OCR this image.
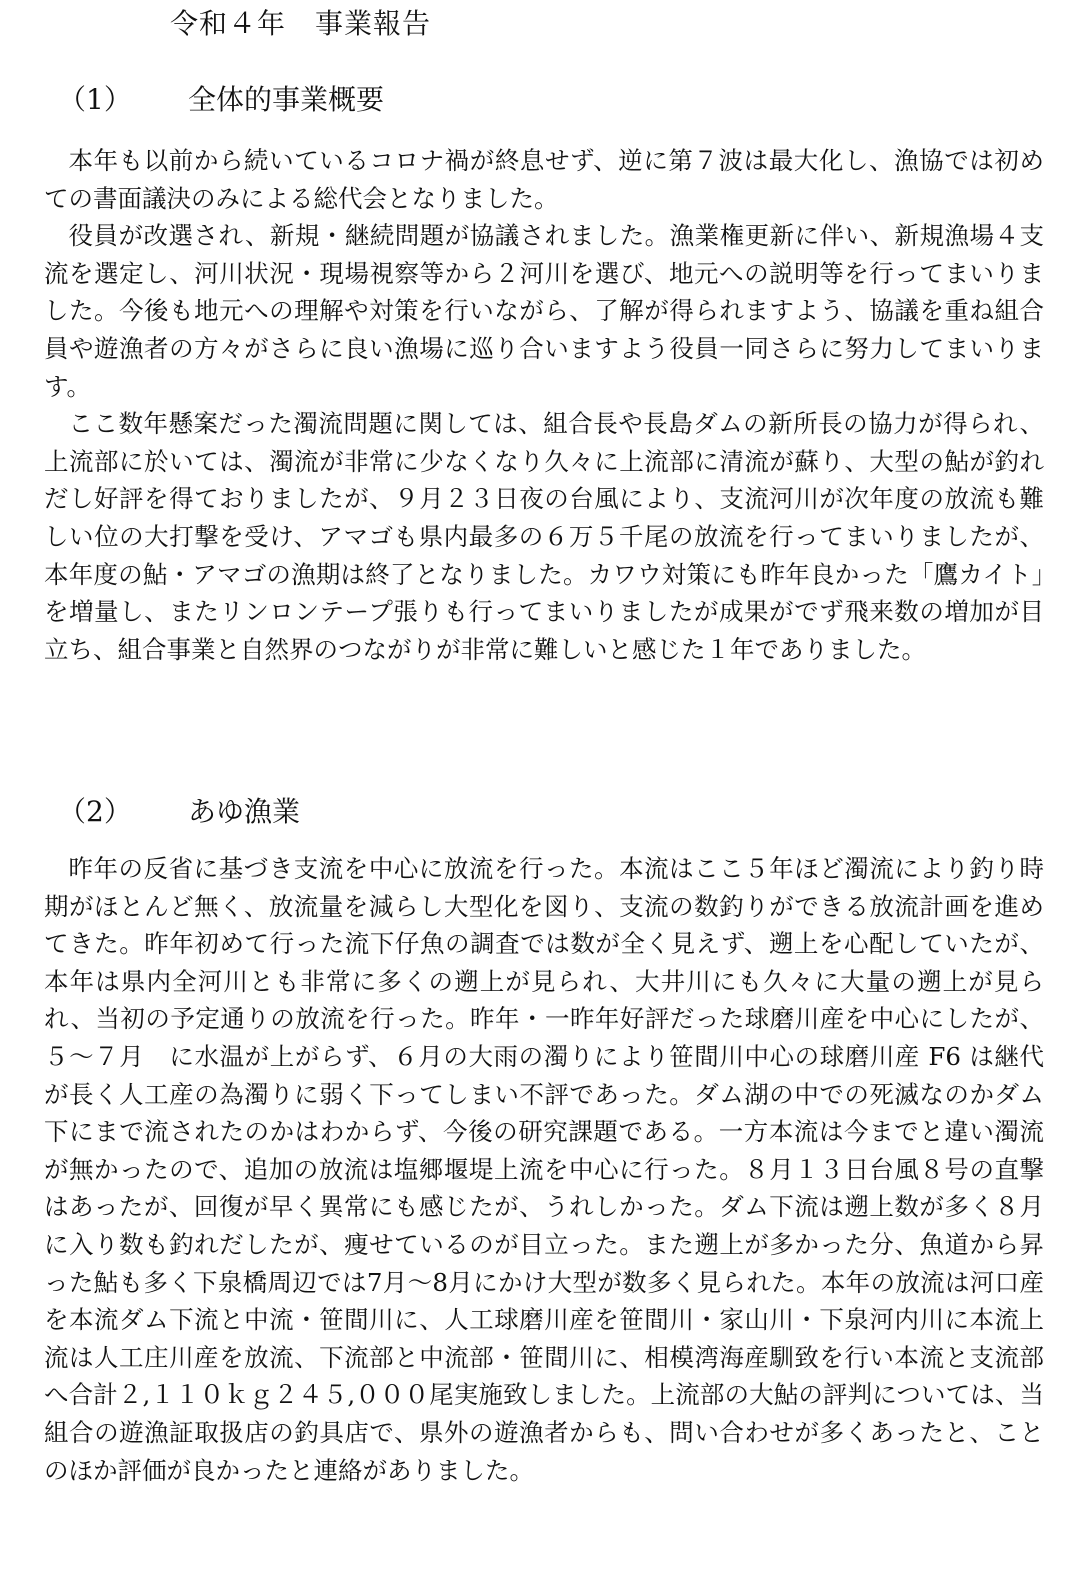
令和４年　事業報告
（1） 全体的事業概要

本年も以前から続いているコロナ禍が終息せず、逆に第７波は最大化し、漁協では初めての書面議決のみによる総代会となりました。

役員が改選され、新規・継続問題が協議されました。漁業権更新に伴い、新規漁場４支流を選定し、河川状況・現場視察等から２河川を選び、地元への説明等を行ってまいりました。今後も地元への理解や対策を行いながら、了解が得られますよう、協議を重ね組合員や遊漁者の方々がさらに良い漁場に巡り合いますよう役員一同さらに努力してまいります。

ここ数年懸案だった濁流問題に関しては、組合長や長島ダムの新所長の協力が得られ、上流部に於いては、濁流が非常に少なくなり久々に上流部に清流が蘇り、大型の鮎が釣れだし好評を得ておりましたが、９月２３日夜の台風により、支流河川が次年度の放流も難しい位の大打撃を受け、アマゴも県内最多の６万５千尾の放流を行ってまいりましたが、本年度の鮎・アマゴの漁期は終了となりました。カワウ対策にも昨年良かった「鷹カイト」を増量し、またリンロンテープ張りも行ってまいりましたが成果がでず飛来数の増加が目立ち、組合事業と自然界のつながりが非常に難しいと感じた１年でありました。

（2） あゆ漁業

昨年の反省に基づき支流を中心に放流を行った。本流はここ５年ほど濁流により釣り時期がほとんど無く、放流量を減らし大型化を図り、支流の数釣りができる放流計画を進めてきた。昨年初めて行った流下仔魚の調査では数が全く見えず、遡上を心配していたが、本年は県内全河川とも非常に多くの遡上が見られ、大井川にも久々に大量の遡上が見られ、当初の予定通りの放流を行った。昨年・一昨年好評だった球磨川産を中心にしたが、５～７月　に水温が上がらず、６月の大雨の濁りにより笹間川中心の球磨川産 F6 は継代が長く人工産の為濁りに弱く下ってしまい不評であった。ダム湖の中での死滅なのかダム下にまで流されたのかはわからず、今後の研究課題である。一方本流は今までと違い濁流が無かったので、追加の放流は塩郷堰堤上流を中心に行った。８月１３日台風８号の直撃はあったが、回復が早く異常にも感じたが、うれしかった。ダム下流は遡上数が多く８月に入り数も釣れだしたが、痩せているのが目立った。また遡上が多かった分、魚道から昇った鮎も多く下泉橋周辺では7月～8月にかけ大型が数多く見られた。本年の放流は河口産を本流ダム下流と中流・笹間川に、人工球磨川産を笹間川・家山川・下泉河内川に本流上流は人工庄川産を放流、下流部と中流部・笹間川に、相模湾海産馴致を行い本流と支流部へ合計２,１１０ｋｇ２４５,０００尾実施致しました。上流部の大鮎の評判については、当組合の遊漁証取扱店の釣具店で、県外の遊漁者からも、問い合わせが多くあったと、ことのほか評価が良かったと連絡がありました。
